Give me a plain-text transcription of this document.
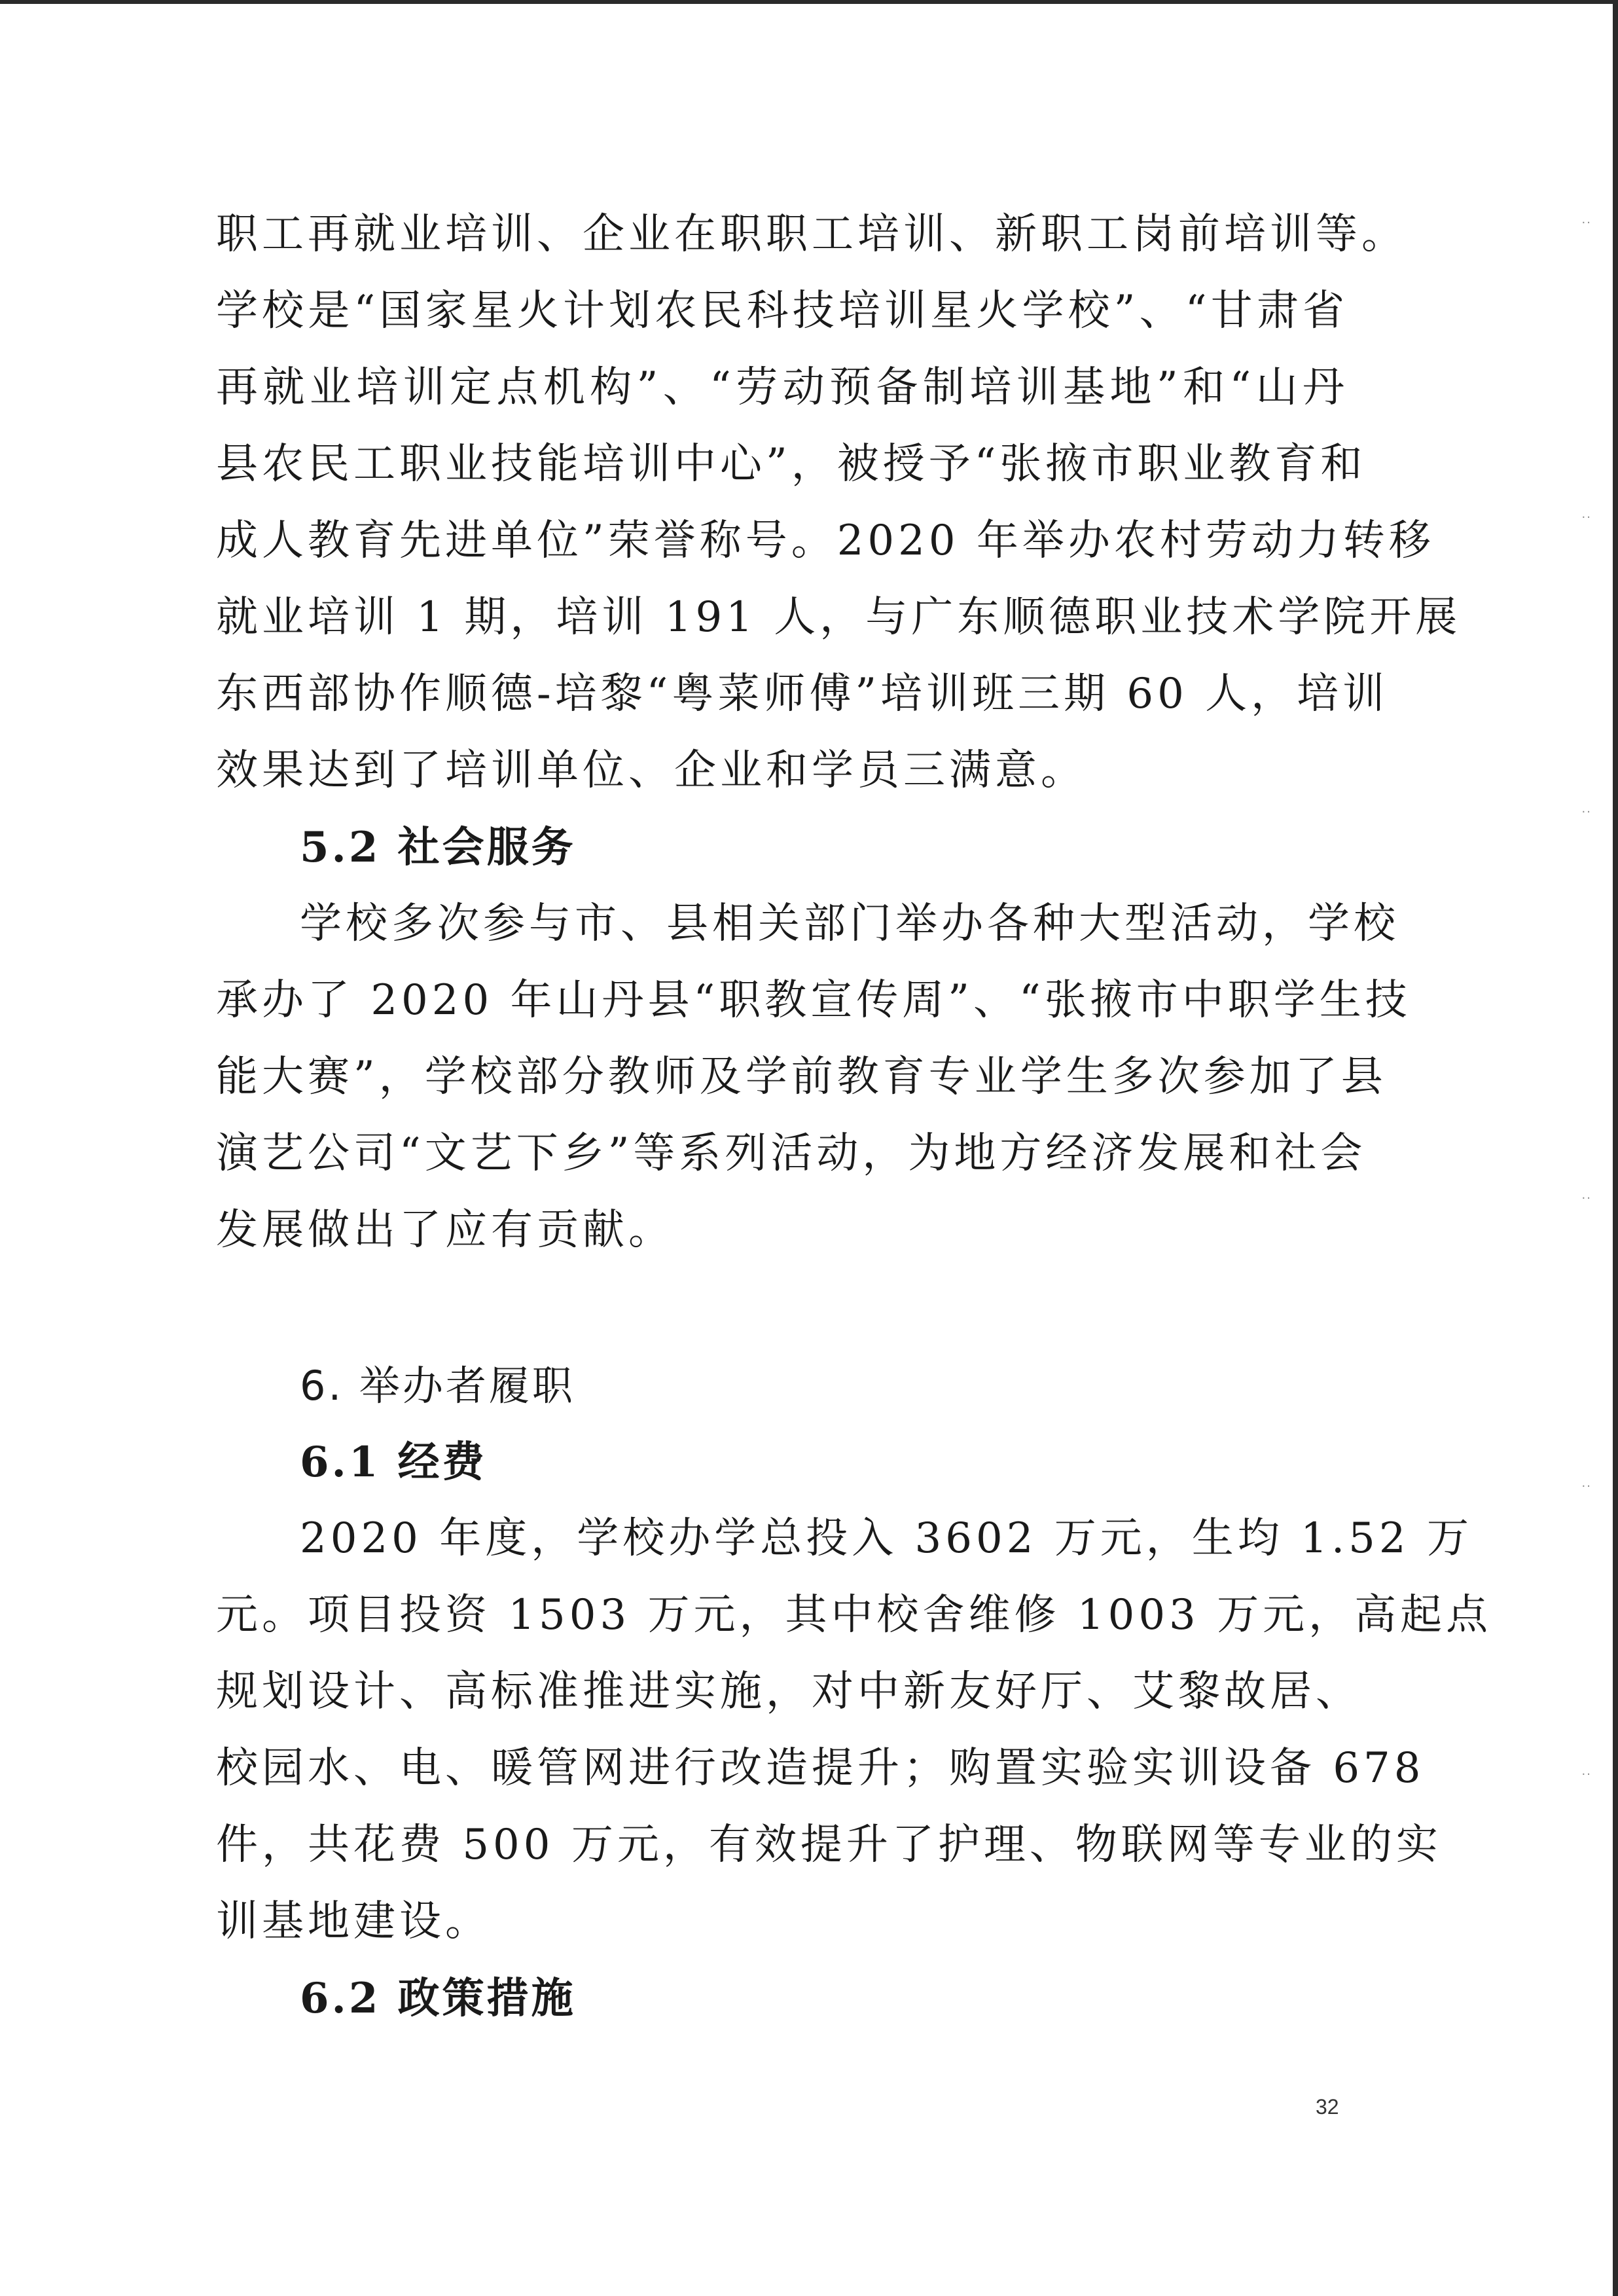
职工再就业培训、企业在职职工培训、新职工岗前培训等。
学校是“国家星火计划农民科技培训星火学校”、“甘肃省
再就业培训定点机构”、“劳动预备制培训基地”和“山丹
县农民工职业技能培训中心”，被授予“张掖市职业教育和
成人教育先进单位”荣誉称号。2020 年举办农村劳动力转移
就业培训 1 期，培训 191 人，与广东顺德职业技术学院开展
东西部协作顺德-培黎“粤菜师傅”培训班三期 60 人，培训
效果达到了培训单位、企业和学员三满意。
5.2 社会服务
学校多次参与市、县相关部门举办各种大型活动，学校
承办了 2020 年山丹县“职教宣传周”、“张掖市中职学生技
能大赛”，学校部分教师及学前教育专业学生多次参加了县
演艺公司“文艺下乡”等系列活动，为地方经济发展和社会
发展做出了应有贡献。
6. 举办者履职
6.1 经费
2020 年度，学校办学总投入 3602 万元，生均 1.52 万
元。项目投资 1503 万元，其中校舍维修 1003 万元，高起点
规划设计、高标准推进实施，对中新友好厅、艾黎故居、
校园水、电、暖管网进行改造提升；购置实验实训设备 678
件，共花费 500 万元，有效提升了护理、物联网等专业的实
训基地建设。
6.2 政策措施
··
··
··
··
··
··
32
